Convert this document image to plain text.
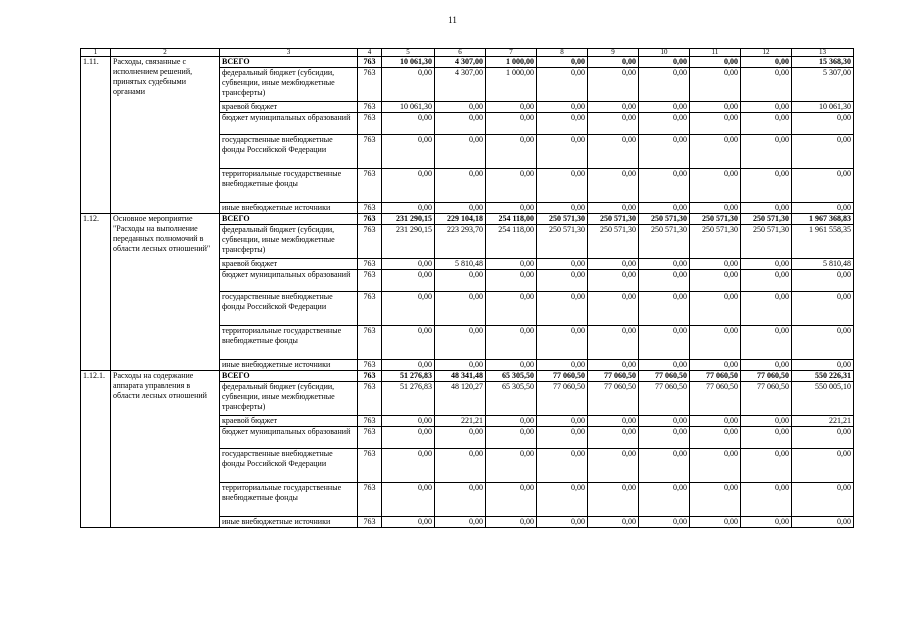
11
1	2	3	4	5	6	7	8	9	10	11	12	13
1.11.	Расходы, связанные с исполнением решений, принятых судебными органами	ВСЕГО	763	10 061,30	4 307,00	1 000,00	0,00	0,00	0,00	0,00	0,00	15 368,30
		федеральный бюджет (субсидии, субвенции, иные межбюджетные трансферты)	763	0,00	4 307,00	1 000,00	0,00	0,00	0,00	0,00	0,00	5 307,00
		краевой бюджет	763	10 061,30	0,00	0,00	0,00	0,00	0,00	0,00	0,00	10 061,30
		бюджет муниципальных образований	763	0,00	0,00	0,00	0,00	0,00	0,00	0,00	0,00	0,00
		государственные внебюджетные фонды Российской Федерации	763	0,00	0,00	0,00	0,00	0,00	0,00	0,00	0,00	0,00
		территориальные государственные внебюджетные фонды	763	0,00	0,00	0,00	0,00	0,00	0,00	0,00	0,00	0,00
		иные внебюджетные источники	763	0,00	0,00	0,00	0,00	0,00	0,00	0,00	0,00	0,00
1.12.	Основное мероприятие "Расходы на выполнение переданных полномочий в области лесных отношений"	ВСЕГО	763	231 290,15	229 104,18	254 118,00	250 571,30	250 571,30	250 571,30	250 571,30	250 571,30	1 967 368,83
		федеральный бюджет (субсидии, субвенции, иные межбюджетные трансферты)	763	231 290,15	223 293,70	254 118,00	250 571,30	250 571,30	250 571,30	250 571,30	250 571,30	1 961 558,35
		краевой бюджет	763	0,00	5 810,48	0,00	0,00	0,00	0,00	0,00	0,00	5 810,48
		бюджет муниципальных образований	763	0,00	0,00	0,00	0,00	0,00	0,00	0,00	0,00	0,00
		государственные внебюджетные фонды Российской Федерации	763	0,00	0,00	0,00	0,00	0,00	0,00	0,00	0,00	0,00
		территориальные государственные внебюджетные фонды	763	0,00	0,00	0,00	0,00	0,00	0,00	0,00	0,00	0,00
		иные внебюджетные источники	763	0,00	0,00	0,00	0,00	0,00	0,00	0,00	0,00	0,00
1.12.1.	Расходы на содержание аппарата управления в области лесных отношений	ВСЕГО	763	51 276,83	48 341,48	65 305,50	77 060,50	77 060,50	77 060,50	77 060,50	77 060,50	550 226,31
		федеральный бюджет (субсидии, субвенции, иные межбюджетные трансферты)	763	51 276,83	48 120,27	65 305,50	77 060,50	77 060,50	77 060,50	77 060,50	77 060,50	550 005,10
		краевой бюджет	763	0,00	221,21	0,00	0,00	0,00	0,00	0,00	0,00	221,21
		бюджет муниципальных образований	763	0,00	0,00	0,00	0,00	0,00	0,00	0,00	0,00	0,00
		государственные внебюджетные фонды Российской Федерации	763	0,00	0,00	0,00	0,00	0,00	0,00	0,00	0,00	0,00
		территориальные государственные внебюджетные фонды	763	0,00	0,00	0,00	0,00	0,00	0,00	0,00	0,00	0,00
		иные внебюджетные источники	763	0,00	0,00	0,00	0,00	0,00	0,00	0,00	0,00	0,00
